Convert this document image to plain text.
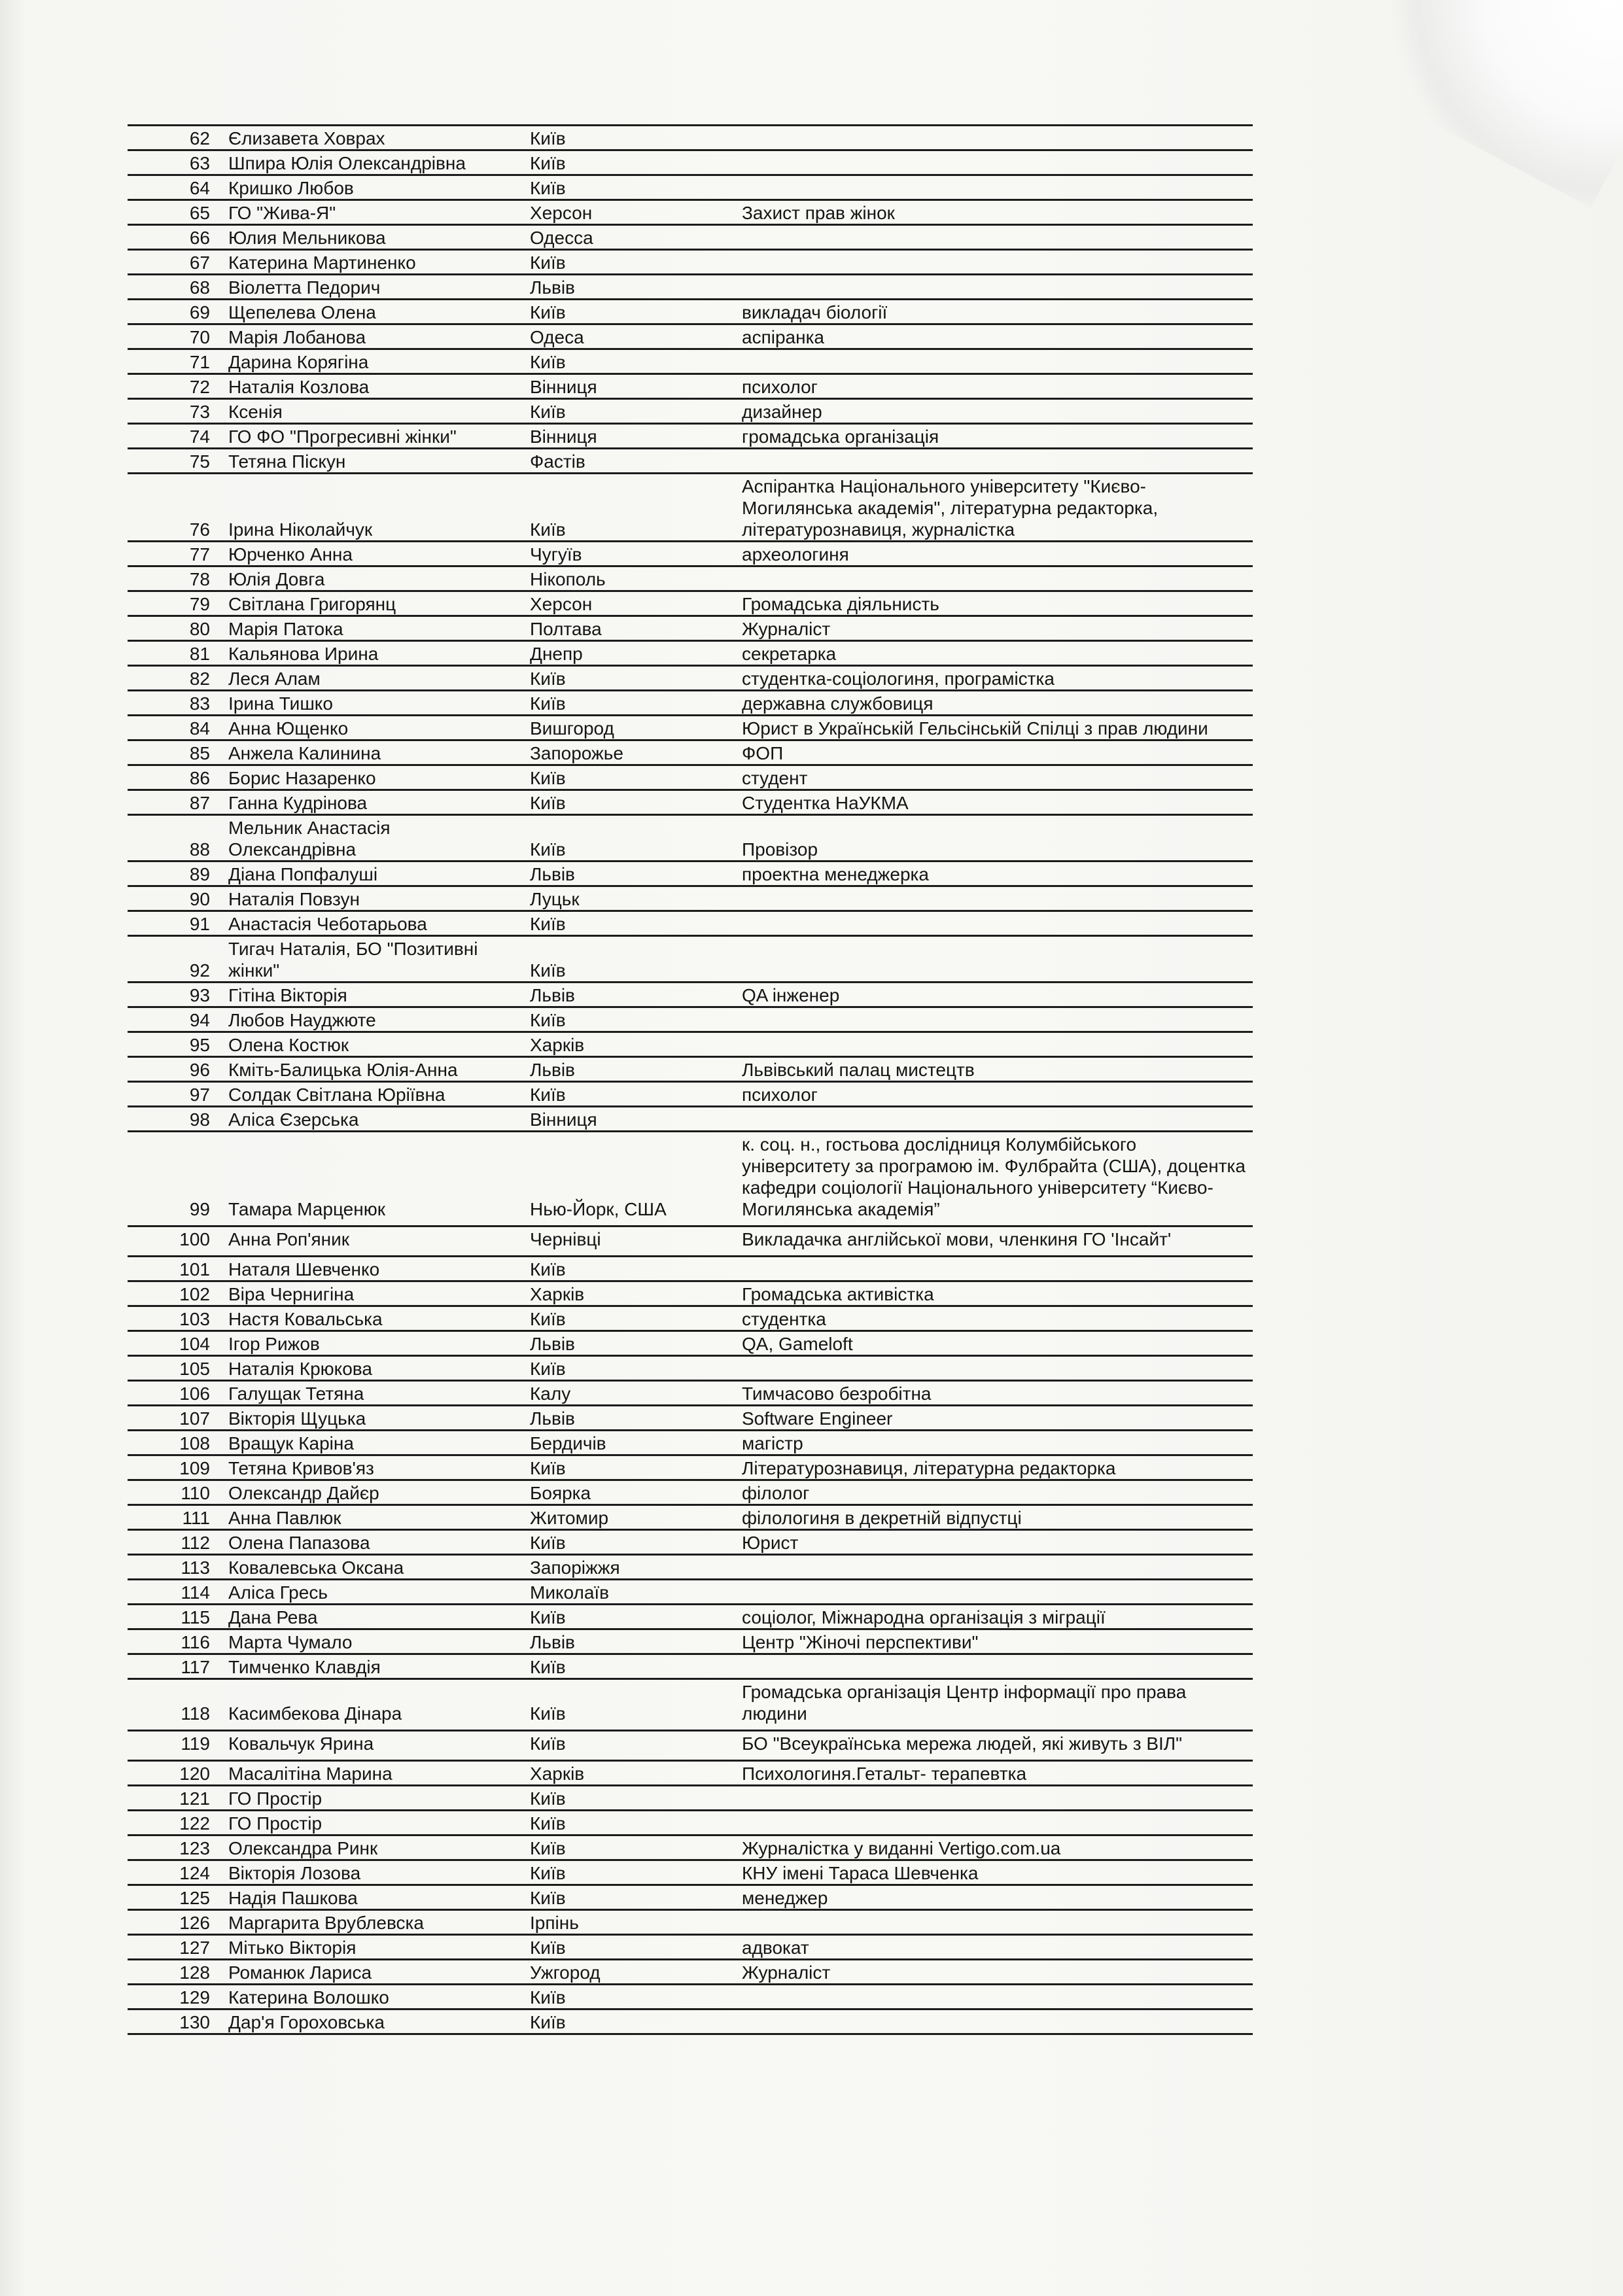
62	Єлизавета Ховрах	Київ	
63	Шпира Юлія Олександрівна	Київ	
64	Кришко Любов	Київ	
65	ГО "Жива-Я"	Херсон	Захист прав жінок
66	Юлия Мельникова	Одесса	
67	Катерина Мартиненко	Київ	
68	Віолетта Педорич	Львів	
69	Щепелева Олена	Київ	викладач біології
70	Марія Лобанова	Одеса	аспіранка
71	Дарина Корягіна	Київ	
72	Наталія Козлова	Вінниця	психолог
73	Ксенія	Київ	дизайнер
74	ГО ФО "Прогресивні жінки"	Вінниця	громадська організація
75	Тетяна Піскун	Фастів	
76	Ірина Ніколайчук	Київ	Аспірантка Національного університету "Києво-Могилянська академія", літературна редакторка, літературознавиця, журналістка
77	Юрченко Анна	Чугуїв	археологиня
78	Юлія Довга	Нікополь	
79	Світлана Григорянц	Херсон	Громадська діяльнисть
80	Марія Патока	Полтава	Журналіст
81	Кальянова Ирина	Днепр	секретарка
82	Леся Алам	Київ	студентка-соціологиня, програмістка
83	Ірина Тишко	Київ	державна службовиця
84	Анна Ющенко	Вишгород	Юрист в Українській Гельсінській Спілці з прав людини
85	Анжела Калинина	Запорожье	ФОП
86	Борис Назаренко	Київ	студент
87	Ганна Кудрінова	Київ	Студентка НаУКМА
88	Мельник Анастасія Олександрівна	Київ	Провізор
89	Діана Попфалуші	Львів	проектна менеджерка
90	Наталія Повзун	Луцьк	
91	Анастасія Чеботарьова	Київ	
92	Тигач Наталія, БО "Позитивні жінки"	Київ	
93	Гітіна Вікторія	Львів	QA інженер
94	Любов Науджюте	Київ	
95	Олена Костюк	Харків	
96	Кміть-Балицька Юлія-Анна	Львів	Львівський палац мистецтв
97	Солдак Світлана Юріївна	Київ	психолог
98	Аліса Єзерська	Вінниця	
99	Тамара Марценюк	Нью-Йорк, США	к. соц. н., гостьова дослідниця Колумбійського університету за програмою ім. Фулбрайта (США), доцентка кафедри соціології Національного університету “Києво-Могилянська академія”
100	Анна Роп'яник	Чернівці	Викладачка англійської мови, членкиня ГО 'Інсайт'
101	Наталя Шевченко	Київ	
102	Віра Чернигіна	Харків	Громадська активістка
103	Настя Ковальська	Київ	студентка
104	Ігор Рижов	Львів	QA, Gameloft
105	Наталія Крюкова	Київ	
106	Галущак Тетяна	Калу	Тимчасово безробітна
107	Вікторія Щуцька	Львів	Software Engineer
108	Вращук Каріна	Бердичів	магістр
109	Тетяна Кривов'яз	Київ	Літературознавиця, літературна редакторка
110	Олександр Дайєр	Боярка	філолог
111	Анна Павлюк	Житомир	філологиня в декретній відпустці
112	Олена Папазова	Київ	Юрист
113	Ковалевська Оксана	Запоріжжя	
114	Аліса Гресь	Миколаїв	
115	Дана Рева	Київ	соціолог, Міжнародна організація з міграції
116	Марта Чумало	Львів	Центр "Жіночі перспективи"
117	Тимченко Клавдія	Київ	
118	Касимбекова Дінара	Київ	Громадська організація Центр інформації про права людини
119	Ковальчук Ярина	Київ	БО "Всеукраїнська мережа людей, які живуть з ВІЛ"
120	Масалітіна Марина	Харків	Психологиня.Гетальт- терапевтка
121	ГО Простір	Київ	
122	ГО Простір	Київ	
123	Олександра Ринк	Київ	Журналістка у виданні Vertigo.com.ua
124	Вікторія Лозова	Київ	КНУ імені Тараса Шевченка
125	Надія Пашкова	Київ	менеджер
126	Маргарита Врублевска	Ірпінь	
127	Мітько Вікторія	Київ	адвокат
128	Романюк Лариса	Ужгород	Журналіст
129	Катерина Волошко	Київ	
130	Дар'я Гороховська	Київ	
